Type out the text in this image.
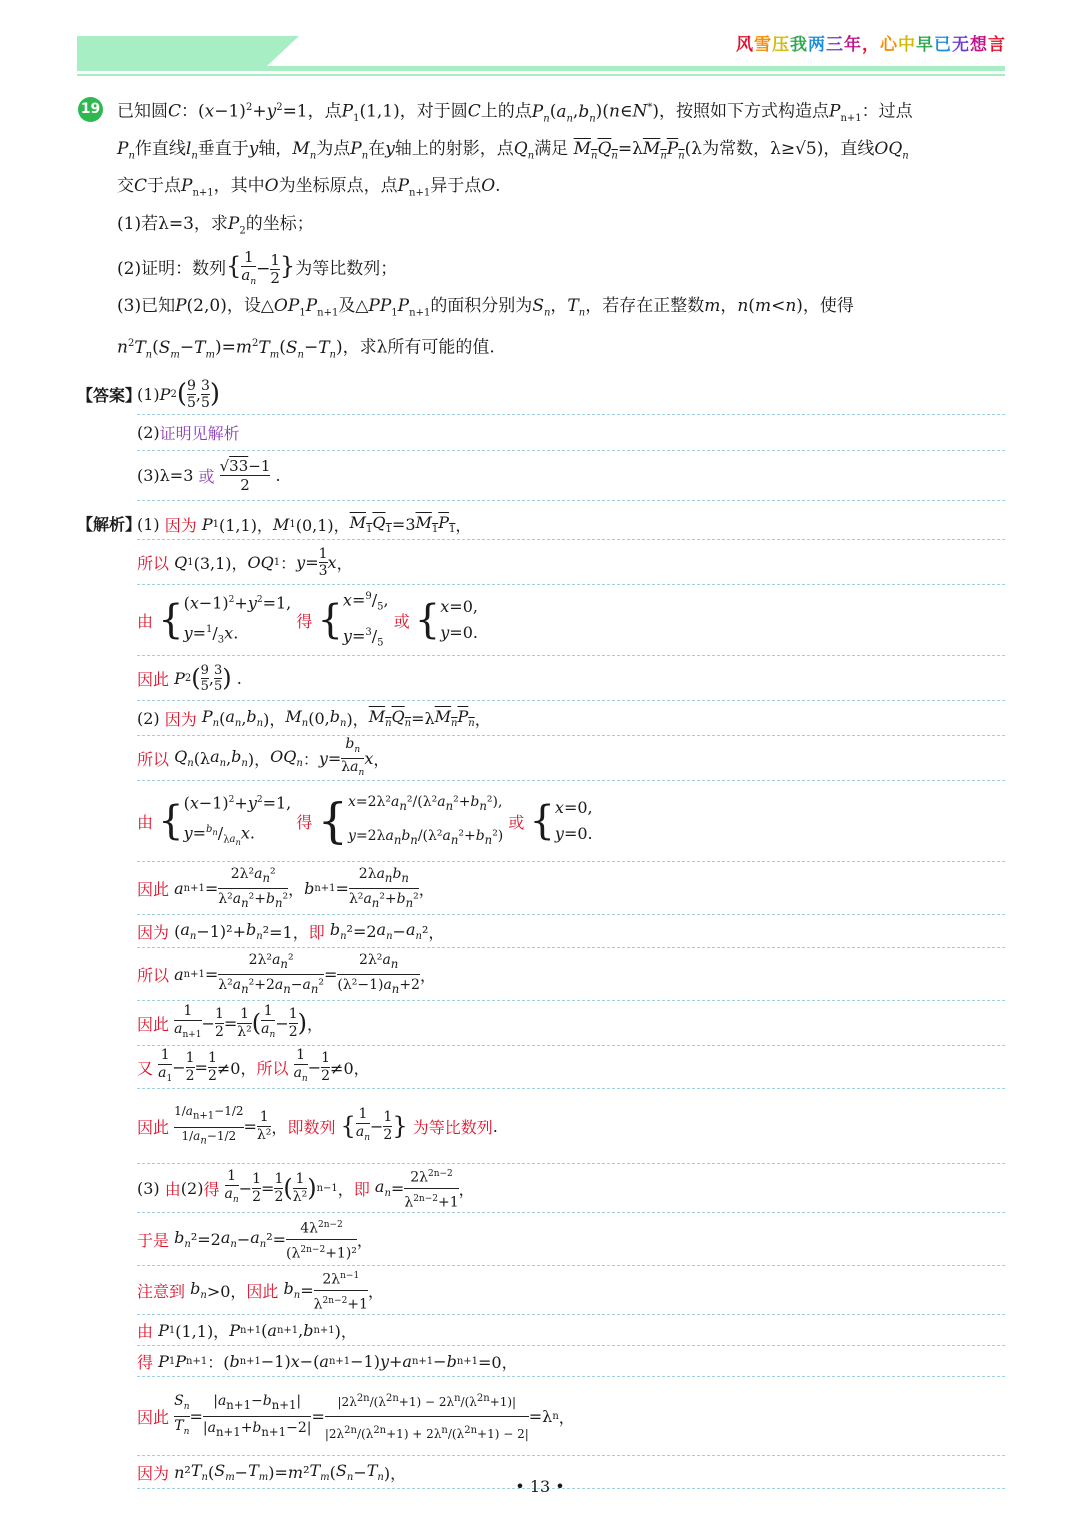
风雪压我两三年，心中早已无想言
19 已知圆C：$(x-1)^2+y^2=1$，点$P_1(1,1)$，对于圆C上的点$P_n(a_n,b_n)(n\in N^*)$，按照如下方式构造点$P_{n+1}$：过点
$P_n$作直线$l_n$垂直于y轴，$M_n$为点$P_n$在y轴上的射影，点$Q_n$满足 $M_nQ_n=\lambda M_nP_n(\lambda$为常数，λ≥√5)，直线$OQ_n$
交C于点$P_{n+1}$，其中O为坐标原点，点$P_{n+1}$异于点O.
(1)若λ=3，求$P_2$的坐标；
(2)证明：数列{ $\frac{1}{a_n}- 1$
2}为等比数列；
(3)已知P(2,0)，设$\triangle OP_1P_{n+1}$及$\triangle PP_1P_{n+1}$的面积分别为$S_n$，$T_n$，若存在正整数m，n(m<n)，使得
$n^2T_n(S_m-T_m)=m^2T_m(S_n-T_n)$，求λ所有可能的值.
【答案】
(1) P 2 ( 9
5 , 3
5 )
(2) 证明见解析
(3)λ=3
或

√33−1
2	.
【解析】
(1) 因为
P 1 (1,1)， M 1 (0,1)， $M_1Q_1 =3$ $M_1P_1$ ，
所以
Q 1 (3,1)， OQ 1 ： y = 1
3 x ，
由
{ $(x-1)^2+y^2=1$,
$y=^1/_3x$.

得
{ $x=^9/_5$,
$y=^3/_5$

或
{ x=0,
y=0.
因此
P 2 ( 9
5 , 3
5 ) .
(2) 因为
$P_n$ ( $a_n$ , $b_n$ )， $M_n$ (0, $b_n$ )， $M_nQ_n =\lambda$ $M_nP_n$ ，
所以
$Q_n$ (λ $a_n$ , $b_n$ )， $OQ_n$ ： y =
$b_n$
$\lambda a_n$
x ，
由
{ $(x-1)^2+y^2=1$,
$y=^{b_n}/_{\lambda a_n}x$.

得
{ $x=2\lambda^2a_n^2/(\lambda^2a_n^2+b_n^2)$,
$y=2\lambda a_nb_n/(\lambda^2a_n^2+b_n^2)$

或
{ x=0,
y=0.
因此
a n+1 =
$2\lambda^2a_n^2$
$\lambda^2a_n^2+b_n^2$ ， b n+1 =
$2\lambda a_nb_n$
$\lambda^2a_n^2+b_n^2$ ，
因为 ( $a_n -1)^2+ b_n$ ²=1， 即
$b_n$ ²=2 $a_n - a_n$ ²，
所以
a n+1 =
$2\lambda^2a_n^2$
$\lambda^2a_n^2+2a_n-a_n^2$
=
$2\lambda^2a_n$
$(\lambda^2-1)a_n+2$ ，
因此

1
$a_{n+1}$
− 1
2 = 1
λ² ( 1
$a_n$
− 1
2 ) ，
又

1
$a_1$
− 1
2 = 1
2 ≠0， 所以

1
$a_n$
− 1
2 ≠0，
因此

$1/a_{n+1}-1/2$
$1/a_n-1/2 = 1$
λ² ， 即数列
{ 1
$a_n$
− 1
2 }
为等比数列 .
(3) 由 (2) 得

1
$a_n$
− 1
2 = 1
2 ( 1
λ² ) n−1 ， 即
$a_n$ =
$2\lambda^{2n-2}$
$\lambda^{2n-2}+1$
，
于是
$b_n$ ²=2 $a_n - a_n$ ²=
$4\lambda^{2n-2}$
$(\lambda^{2n-2}+1)^2$
，
注意到
$b_n >0$， 因此
$b_n$ =
$2\lambda^{n-1}$
$\lambda^{2n-2}+1$
，
由
P 1 (1,1)， P n+1 ( a n+1 , b n+1 )，
得
P 1 P n+1 ：( b n+1 −1) x −( a n+1 −1) y + a n+1 − b n+1 =0，
因此

$S_n$
$T_n$
=
$|a_{n+1}-b_{n+1}|$
$|a_{n+1}+b_{n+1}-2|$
=
$|2\lambda^{2n}/(\lambda^{2n}+1) - 2\lambda^n/(\lambda^{2n}+1)|$
$|2\lambda^{2n}/(\lambda^{2n}+1) + 2\lambda^n/(\lambda^{2n}+1) - 2|$
=λ n ，
因为
n ² $T_n$ ( $S_m - T_m$ )= m ² $T_m$ ( $S_n - T_n$ )，
• 13 •
